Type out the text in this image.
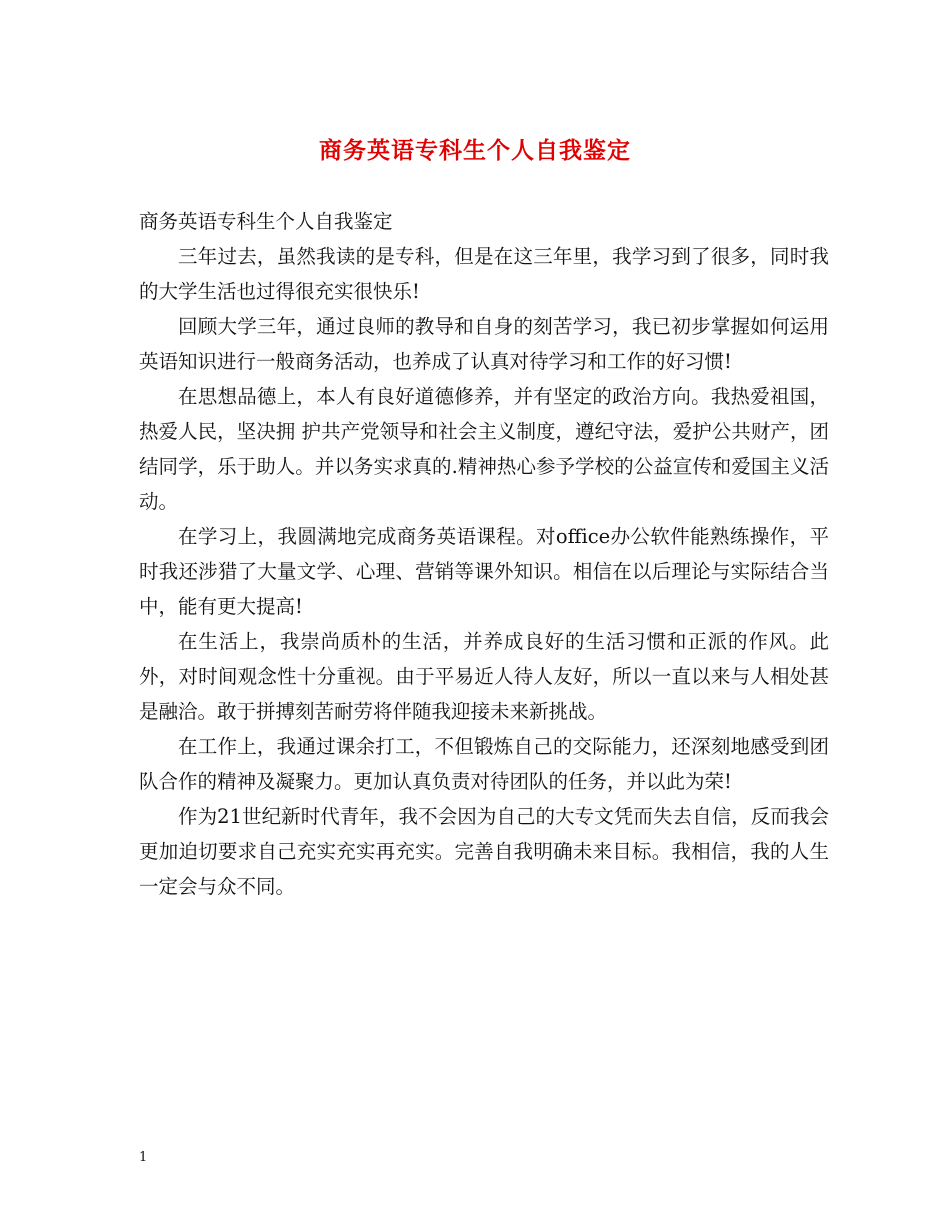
商务英语专科生个人自我鉴定

商务英语专科生个人自我鉴定

三年过去，虽然我读的是专科，但是在这三年里，我学习到了很多，同时我的大学生活也过得很充实很快乐!

回顾大学三年，通过良师的教导和自身的刻苦学习，我已初步掌握如何运用英语知识进行一般商务活动，也养成了认真对待学习和工作的好习惯!

在思想品德上，本人有良好道德修养，并有坚定的政治方向。我热爱祖国，热爱人民，坚决拥 护共产党领导和社会主义制度，遵纪守法，爱护公共财产，团结同学，乐于助人。并以务实求真的.精神热心参予学校的公益宣传和爱国主义活动。

在学习上，我圆满地完成商务英语课程。对office办公软件能熟练操作，平时我还涉猎了大量文学、心理、营销等课外知识。相信在以后理论与实际结合当中，能有更大提高!

在生活上，我崇尚质朴的生活，并养成良好的生活习惯和正派的作风。此外，对时间观念性十分重视。由于平易近人待人友好，所以一直以来与人相处甚是融洽。敢于拼搏刻苦耐劳将伴随我迎接未来新挑战。

在工作上，我通过课余打工，不但锻炼自己的交际能力，还深刻地感受到团队合作的精神及凝聚力。更加认真负责对待团队的任务，并以此为荣!

作为21世纪新时代青年，我不会因为自己的大专文凭而失去自信，反而我会更加迫切要求自己充实充实再充实。完善自我明确未来目标。我相信，我的人生一定会与众不同。

1
